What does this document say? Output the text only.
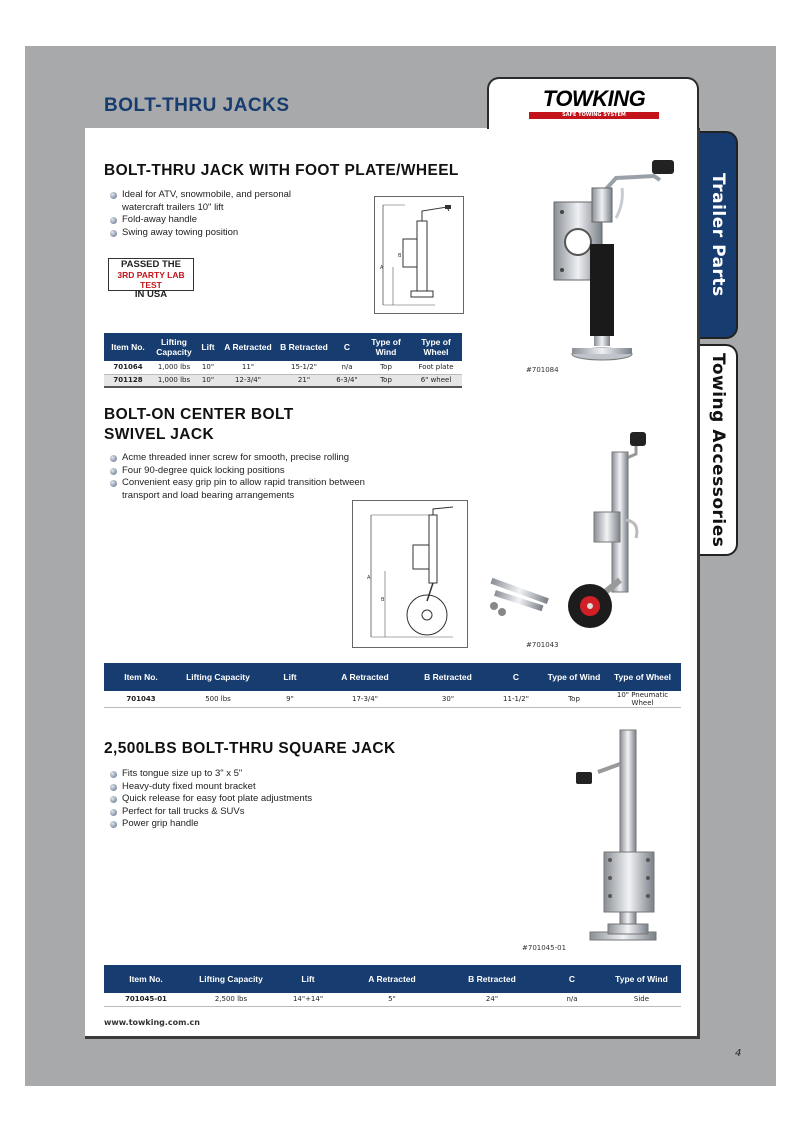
BOLT-THRU JACKS	TOWKING
SAFE TOWING SYSTEM
Trailer Parts
Towing Accessories
BOLT-THRU JACK WITH FOOT PLATE/WHEEL
Ideal for ATV, snowmobile, and personal watercraft trailers 10" lift
Fold-away handle
Swing away towing position
PASSED THE
3RD PARTY LAB TEST
IN USA
A
B
#701084
Item No.	Lifting Capacity	Lift	A Retracted	B Retracted	C	Type of Wind	Type of Wheel
701064	1,000 lbs	10"	11"	15-1/2"	n/a	Top	Foot plate
701128	1,000 lbs	10"	12-3/4"	21"	6-3/4"	Top	6" wheel
BOLT-ON CENTER BOLT
SWIVEL JACK
Acme threaded inner screw for smooth, precise rolling
Four 90-degree quick locking positions
Convenient easy grip pin to allow rapid transition between transport and load bearing arrangements
A
B
#701043
Item No.	Lifting Capacity	Lift	A Retracted	B Retracted	C	Type of Wind	Type of Wheel
701043	500 lbs	9"	17-3/4"	30"	11-1/2"	Top	10" Pneumatic Wheel
2,500LBS BOLT-THRU SQUARE JACK
Fits tongue size up to 3" x 5"
Heavy-duty fixed mount bracket
Quick release for easy foot plate adjustments
Perfect for tall trucks & SUVs
Power grip handle
#701045-01
Item No.	Lifting Capacity	Lift	A Retracted	B Retracted	C	Type of Wind
701045-01	2,500 lbs	14"+14"	5"	24"	n/a	Side
www.towking.com.cn
4
